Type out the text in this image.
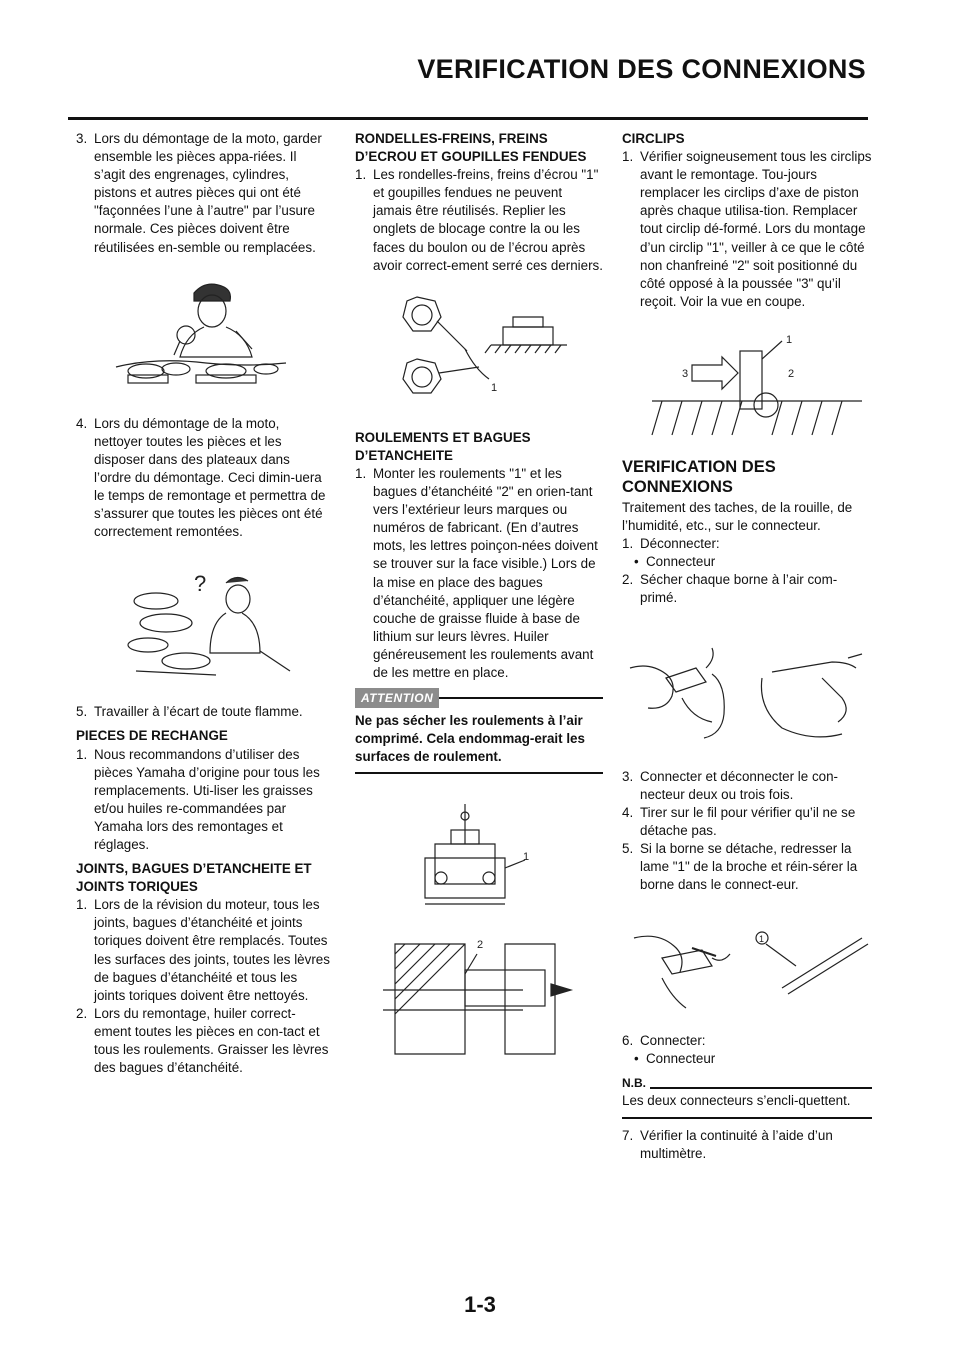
VERIFICATION DES CONNEXIONS
3. Lors du démontage de la moto, garder ensemble les pièces appa-riées. Il s’agit des engrenages, cylindres, pistons et autres pièces qui ont été "façonnées l’une à l’autre" par l’usure normale. Ces pièces doivent être réutilisées en-semble ou remplacées.
4. Lors du démontage de la moto, nettoyer toutes les pièces et les disposer dans des plateaux dans l’ordre du démontage. Ceci dimin-uera le temps de remontage et permettra de s’assurer que toutes les pièces ont été correctement remontées.
?
5. Travailler à l’écart de toute flamme.

PIECES DE RECHANGE

1. Nous recommandons d’utiliser des pièces Yamaha d’origine pour tous les remplacements. Uti-liser les graisses et/ou huiles re-commandées par Yamaha lors des remontages et réglages.

JOINTS, BAGUES D’ETANCHEITE ET JOINTS TORIQUES

1. Lors de la révision du moteur, tous les joints, bagues d’étanchéité et joints toriques doivent être remplacés. Toutes les surfaces des joints, toutes les lèvres de bagues d’étanchéité et tous les joints toriques doivent être nettoyés.
2. Lors du remontage, huiler correct-ement toutes les pièces en con-tact et tous les roulements. Graisser les lèvres des bagues d’étanchéité.

RONDELLES-FREINS, FREINS D’ECROU ET GOUPILLES FENDUES

1. Les rondelles-freins, freins d’écrou "1" et goupilles fendues ne peuvent jamais être réutilisés. Replier les onglets de blocage contre la ou les faces du boulon ou de l’écrou après avoir correct-ement serré ces derniers.
1

ROULEMENTS ET BAGUES D’ETANCHEITE

1. Monter les roulements "1" et les bagues d’étanchéité "2" en orien-tant vers l’extérieur leurs marques ou numéros de fabricant. (En d’autres mots, les lettres poinçon-nées doivent se trouver sur la face visible.) Lors de la mise en place des bagues d’étanchéité, appliquer une légère couche de graisse fluide à base de lithium sur leurs lèvres. Huiler généreusement les roulements avant de les mettre en place.
ATTENTION
Ne pas sécher les roulements à l’air comprimé. Cela endommag-erait les surfaces de roulement.
1
2

CIRCLIPS

1. Vérifier soigneusement tous les circlips avant le remontage. Tou-jours remplacer les circlips d’axe de piston après chaque utilisa-tion. Remplacer tout circlip dé-formé. Lors du montage d’un circlip "1", veiller à ce que le côté non chanfreiné "2" soit positionné du côté opposé à la poussée "3" qu’il reçoit. Voir la vue en coupe.
1
2
3

VERIFICATION DES CONNEXIONS

Traitement des taches, de la rouille, de l’humidité, etc., sur le connecteur.
1. Déconnecter:
• Connecteur
2. Sécher chaque borne à l’air com-primé.
3. Connecter et déconnecter le con-necteur deux ou trois fois.
4. Tirer sur le fil pour vérifier qu’il ne se détache pas.
5. Si la borne se détache, redresser la lame "1" de la broche et réin-sérer la borne dans le connect-eur.
1
6. Connecter:
• Connecteur
N.B.
Les deux connecteurs s’encli-quettent.
7. Vérifier la continuité à l’aide d’un multimètre.
1-3
